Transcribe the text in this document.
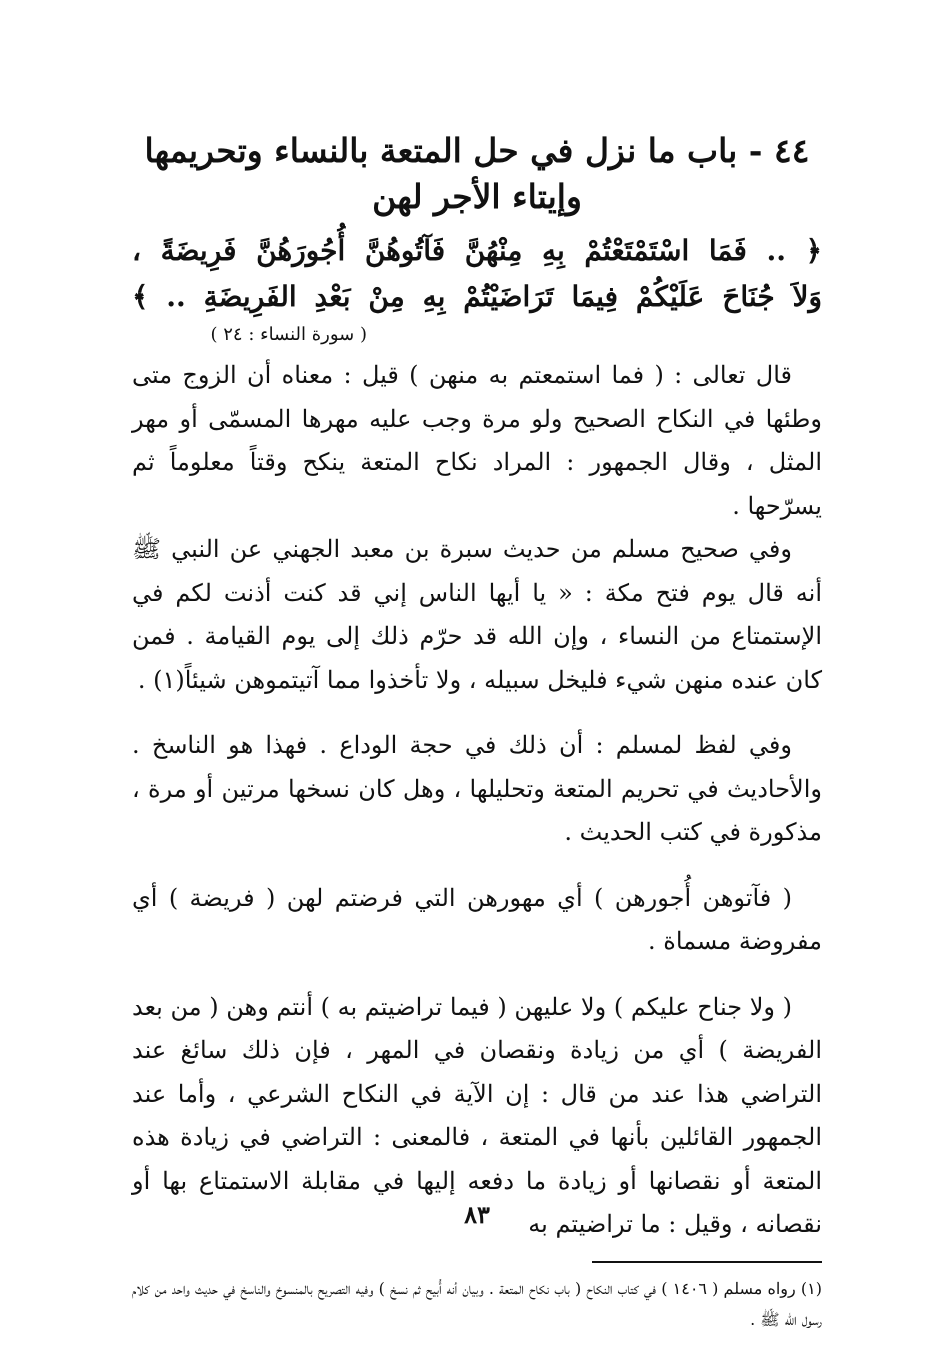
٤٤ - باب ما نزل في حل المتعة بالنساء وتحريمها وإيتاء الأجر لهن
﴿ .. فَمَا اسْتَمْتَعْتُمْ بِهِ مِنْهُنَّ فَآتُوهُنَّ أُجُورَهُنَّ فَرِيضَةً ،
وَلاَ جُنَاحَ عَلَيْكُمْ فِيمَا تَرَاضَيْتُمْ بِهِ مِنْ بَعْدِ الفَرِيضَةِ .. ﴾
( سورة النساء : ٢٤ )

قال تعالى : ( فما استمعتم به منهن ) قيل : معناه أن الزوج متى وطئها في النكاح الصحيح ولو مرة وجب عليه مهرها المسمّى أو مهر المثل ، وقال الجمهور : المراد نكاح المتعة ينكح وقتاً معلوماً ثم يسرّحها .

وفي صحيح مسلم من حديث سبرة بن معبد الجهني عن النبي ﷺ أنه قال يوم فتح مكة : « يا أيها الناس إني قد كنت أذنت لكم في الإستمتاع من النساء ، وإن الله قد حرّم ذلك إلى يوم القيامة . فمن كان عنده منهن شيء فليخل سبيله ، ولا تأخذوا مما آتيتموهن شيئاً(١) .

وفي لفظ لمسلم : أن ذلك في حجة الوداع . فهذا هو الناسخ . والأحاديث في تحريم المتعة وتحليلها ، وهل كان نسخها مرتين أو مرة ، مذكورة في كتب الحديث .

( فآتوهن أُجورهن ) أي مهورهن التي فرضتم لهن ( فريضة ) أي مفروضة مسماة .

( ولا جناح عليكم ) ولا عليهن ( فيما تراضيتم به ) أنتم وهن ( من بعد الفريضة ) أي من زيادة ونقصان في المهر ، فإن ذلك سائغ عند التراضي هذا عند من قال : إن الآية في النكاح الشرعي ، وأما عند الجمهور القائلين بأنها في المتعة ، فالمعنى : التراضي في زيادة هذه المتعة أو نقصانها أو زيادة ما دفعه إليها في مقابلة الاستمتاع بها أو نقصانه ، وقيل : ما تراضيتم به

(١) رواه مسلم ( ١٤٠٦ ) في كتاب النكاح ( باب نكاح المتعة . وبيان أنه أُبيح ثم نسخ ) وفيه التصريح بالمنسوخ والناسخ في حديث واحد من كلام رسول الله ﷺ .
٨٣
